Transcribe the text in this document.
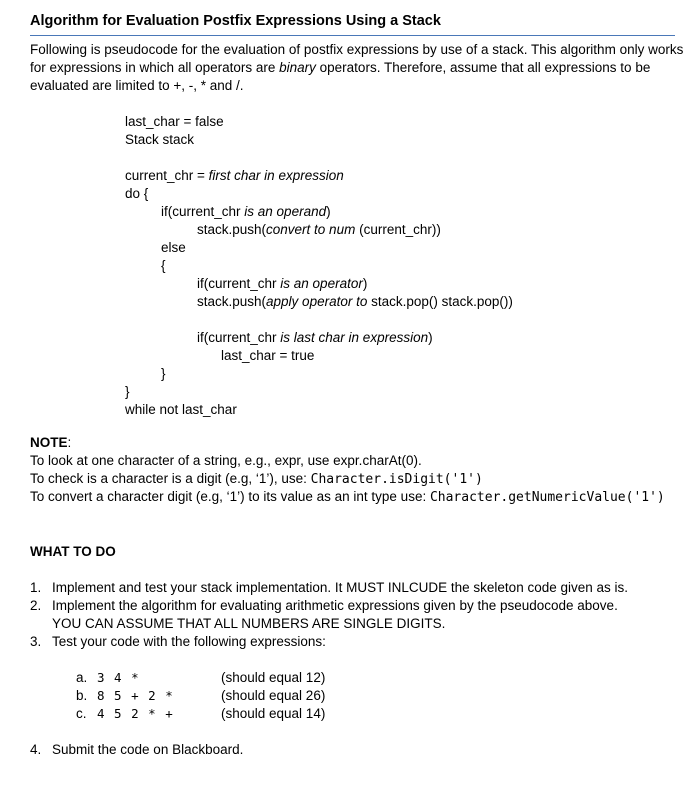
Algorithm for Evaluation Postfix Expressions Using a Stack
Following is pseudocode for the evaluation of postfix expressions by use of a stack. This algorithm only works
for expressions in which all operators are binary operators. Therefore, assume that all expressions to be
evaluated are limited to +, -, * and /.
last_char = false
Stack stack
current_chr = first char in expression
do {
if(current_chr is an operand)
stack.push(convert to num (current_chr))
else
{
if(current_chr is an operator)
stack.push(apply operator to stack.pop() stack.pop())
if(current_chr is last char in expression)
last_char = true
}
}
while not last_char
NOTE:
To look at one character of a string, e.g., expr, use expr.charAt(0).
To check is a character is a digit (e.g, ‘1’), use: Character.isDigit('1')
To convert a character digit (e.g, ‘1’) to its value as an int type use: Character.getNumericValue('1')
WHAT TO DO
1. Implement and test your stack implementation. It MUST INLCUDE the skeleton code given as is.
2. Implement the algorithm for evaluating arithmetic expressions given by the pseudocode above.
YOU CAN ASSUME THAT ALL NUMBERS ARE SINGLE DIGITS.
3. Test your code with the following expressions:
a. 3 4 *	(should equal 12)
b. 8 5 + 2 *	(should equal 26)
c. 4 5 2 * +	(should equal 14)
4. Submit the code on Blackboard.
